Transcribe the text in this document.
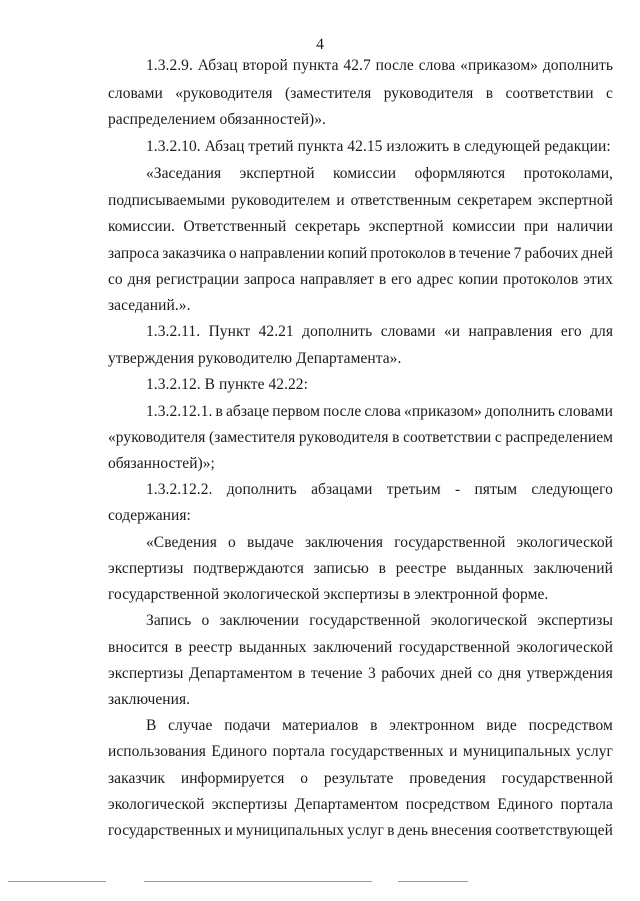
4
1.3.2.9. Абзац второй пункта 42.7 после слова «приказом» дополнить
словами «руководителя (заместителя руководителя в соответствии с
распределением обязанностей)».
1.3.2.10. Абзац третий пункта 42.15 изложить в следующей редакции:
«Заседания экспертной комиссии оформляются протоколами,
подписываемыми руководителем и ответственным секретарем экспертной
комиссии. Ответственный секретарь экспертной комиссии при наличии
запроса заказчика о направлении копий протоколов в течение 7 рабочих дней
со дня регистрации запроса направляет в его адрес копии протоколов этих
заседаний.».
1.3.2.11. Пункт 42.21 дополнить словами «и направления его для
утверждения руководителю Департамента».
1.3.2.12. В пункте 42.22:
1.3.2.12.1. в абзаце первом после слова «приказом» дополнить словами
«руководителя (заместителя руководителя в соответствии с распределением
обязанностей)»;
1.3.2.12.2. дополнить абзацами третьим - пятым следующего
содержания:
«Сведения о выдаче заключения государственной экологической
экспертизы подтверждаются записью в реестре выданных заключений
государственной экологической экспертизы в электронной форме.
Запись о заключении государственной экологической экспертизы
вносится в реестр выданных заключений государственной экологической
экспертизы Департаментом в течение 3 рабочих дней со дня утверждения
заключения.
В случае подачи материалов в электронном виде посредством
использования Единого портала государственных и муниципальных услуг
заказчик информируется о результате проведения государственной
экологической экспертизы Департаментом посредством Единого портала
государственных и муниципальных услуг в день внесения соответствующей
